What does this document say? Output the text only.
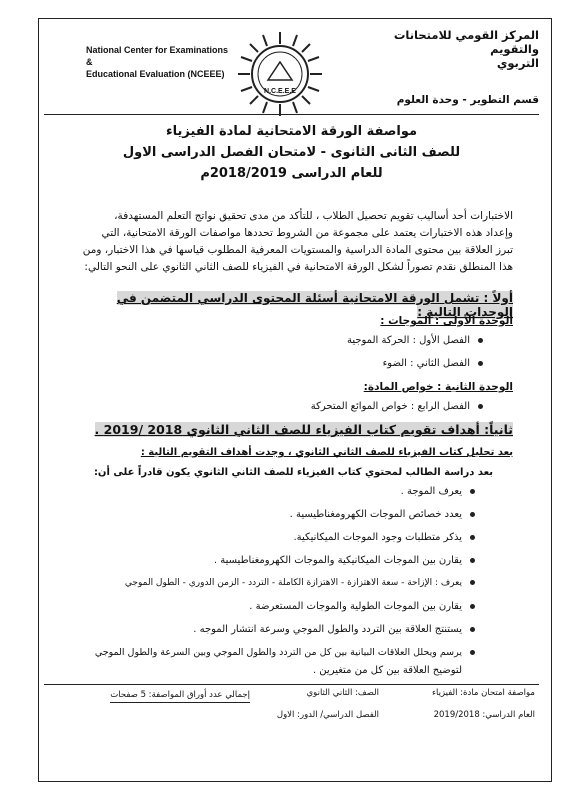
المركز القومي للامتحانات والتقويم
التربوي
قسم التطوير - وحدة العلوم
N.C.E.E.E
National Center for Examinations &
Educational Evaluation (NCEEE)
مواصفة الورقة الامتحانية لمادة الفيزياء
للصف الثانى الثانوى - لامتحان الفصل الدراسى الاول
للعام الدراسى 2018/2019م
الاختبارات أحد أساليب تقويم تحصيل الطلاب ، للتأكد من مدى تحقيق نواتج التعلم المستهدفة،
وإعداد هذه الاختبارات يعتمد على مجموعة من الشروط تحددها مواصفات الورقة الامتحانية، التي
تبرز العلاقة بين محتوى المادة الدراسية والمستويات المعرفية المطلوب قياسها في هذا الاختبار، ومن
هذا المنطلق نقدم تصوراً لشكل الورقة الامتحانية في الفيزياء للصف الثاني الثانوي على النحو التالي:
أولاً : تشمل الورقة الامتحانية أسئلة المحتوى الدراسي المتضمن في الوحدات التالية :
الوحدة الأولى : الموجات :
الفصل الأول : الحركة الموجية
الفصل الثاني : الضوء
الوحدة الثانية : خواص المادة:
الفصل الرابع : خواص الموائع المتحركة
ثانياً: أهداف تقويم كتاب الفيزياء للصف الثاني الثانوي 2018 /2019 .
بعد تحليل كتاب الفيزياء للصف الثاني الثانوي ، وجدت أهداف التقويم التالية :
بعد دراسة الطالب لمحتوي كتاب الفيزياء للصف الثاني الثانوي يكون قادراً على أن:
يعرف الموجة .
يعدد خصائص الموجات الكهرومغناطيسية .
يذكر متطلبات وجود الموجات الميكانيكية.
يقارن بين الموجات الميكانيكية والموجات الكهرومغناطيسية .
يعرف : الإزاحة - سعة الاهتزازة - الاهتزازة الكاملة - التردد - الزمن الدوري - الطول الموجي
يقارن بين الموجات الطولية والموجات المستعرضة .
يستنتج العلاقة بين التردد والطول الموجي وسرعة انتشار الموجه .
يرسم ويحلل العلاقات البيانية بين كل من التردد والطول الموجي وبين السرعة والطول الموجي
لتوضيح العلاقة بين كل من متغيرين .
مواصفة امتحان مادة: الفيزياء
العام الدراسي: 2019/2018
الصف: الثاني الثانوي
الفصل الدراسي/ الدور: الاول
إجمالي عدد أوراق المواصفة: 5 صفحات
